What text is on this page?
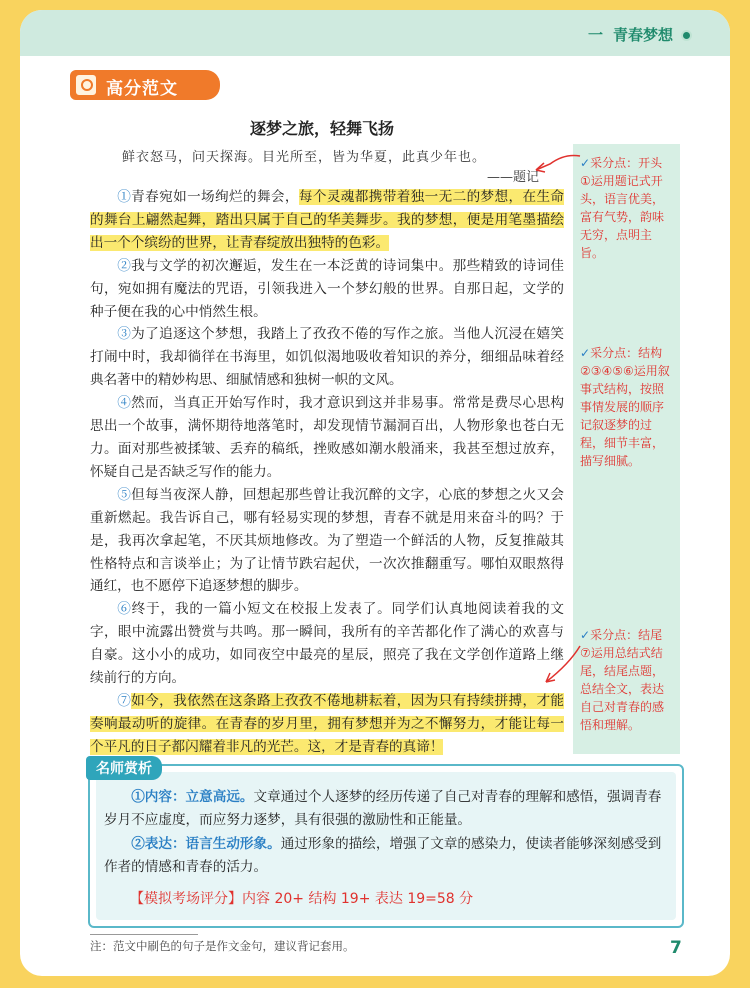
一 青春梦想
高分范文
逐梦之旅，轻舞飞扬
鲜衣怒马，问天探海。目光所至，皆为华夏，此真少年也。
——题记

①青春宛如一场绚烂的舞会，每个灵魂都携带着独一无二的梦想，在生命的舞台上翩然起舞，踏出只属于自己的华美舞步。我的梦想，便是用笔墨描绘出一个个缤纷的世界，让青春绽放出独特的色彩。

②我与文学的初次邂逅，发生在一本泛黄的诗词集中。那些精致的诗词佳句，宛如拥有魔法的咒语，引领我进入一个梦幻般的世界。自那日起，文学的种子便在我的心中悄然生根。

③为了追逐这个梦想，我踏上了孜孜不倦的写作之旅。当他人沉浸在嬉笑打闹中时，我却徜徉在书海里，如饥似渴地吸收着知识的养分，细细品味着经典名著中的精妙构思、细腻情感和独树一帜的文风。

④然而，当真正开始写作时，我才意识到这并非易事。常常是费尽心思构思出一个故事，满怀期待地落笔时，却发现情节漏洞百出，人物形象也苍白无力。面对那些被揉皱、丢弃的稿纸，挫败感如潮水般涌来，我甚至想过放弃，怀疑自己是否缺乏写作的能力。

⑤但每当夜深人静，回想起那些曾让我沉醉的文字，心底的梦想之火又会重新燃起。我告诉自己，哪有轻易实现的梦想，青春不就是用来奋斗的吗？于是，我再次拿起笔，不厌其烦地修改。为了塑造一个鲜活的人物，反复推敲其性格特点和言谈举止；为了让情节跌宕起伏，一次次推翻重写。哪怕双眼熬得通红，也不愿停下追逐梦想的脚步。

⑥终于，我的一篇小短文在校报上发表了。同学们认真地阅读着我的文字，眼中流露出赞赏与共鸣。那一瞬间，我所有的辛苦都化作了满心的欢喜与自豪。这小小的成功，如同夜空中最亮的星辰，照亮了我在文学创作道路上继续前行的方向。

⑦如今，我依然在这条路上孜孜不倦地耕耘着，因为只有持续拼搏，才能奏响最动听的旋律。在青春的岁月里，拥有梦想并为之不懈努力，才能让每一个平凡的日子都闪耀着非凡的光芒。这，才是青春的真谛！

✓采分点：开头
①运用题记式开头，语言优美，富有气势，韵味无穷，点明主旨。
✓采分点：结构
②③④⑤⑥运用叙事式结构，按照事情发展的顺序记叙逐梦的过程，细节丰富，描写细腻。
✓采分点：结尾
⑦运用总结式结尾，结尾点题，总结全文，表达自己对青春的感悟和理解。
名师赏析
①内容：立意高远。文章通过个人逐梦的经历传递了自己对青春的理解和感悟，强调青春岁月不应虚度，而应努力逐梦，具有很强的激励性和正能量。
②表达：语言生动形象。通过形象的描绘，增强了文章的感染力，使读者能够深刻感受到作者的情感和青春的活力。
【模拟考场评分】内容 20+ 结构 19+ 表达 19=58 分
注：范文中刷色的句子是作文金句，建议背记套用。	7
